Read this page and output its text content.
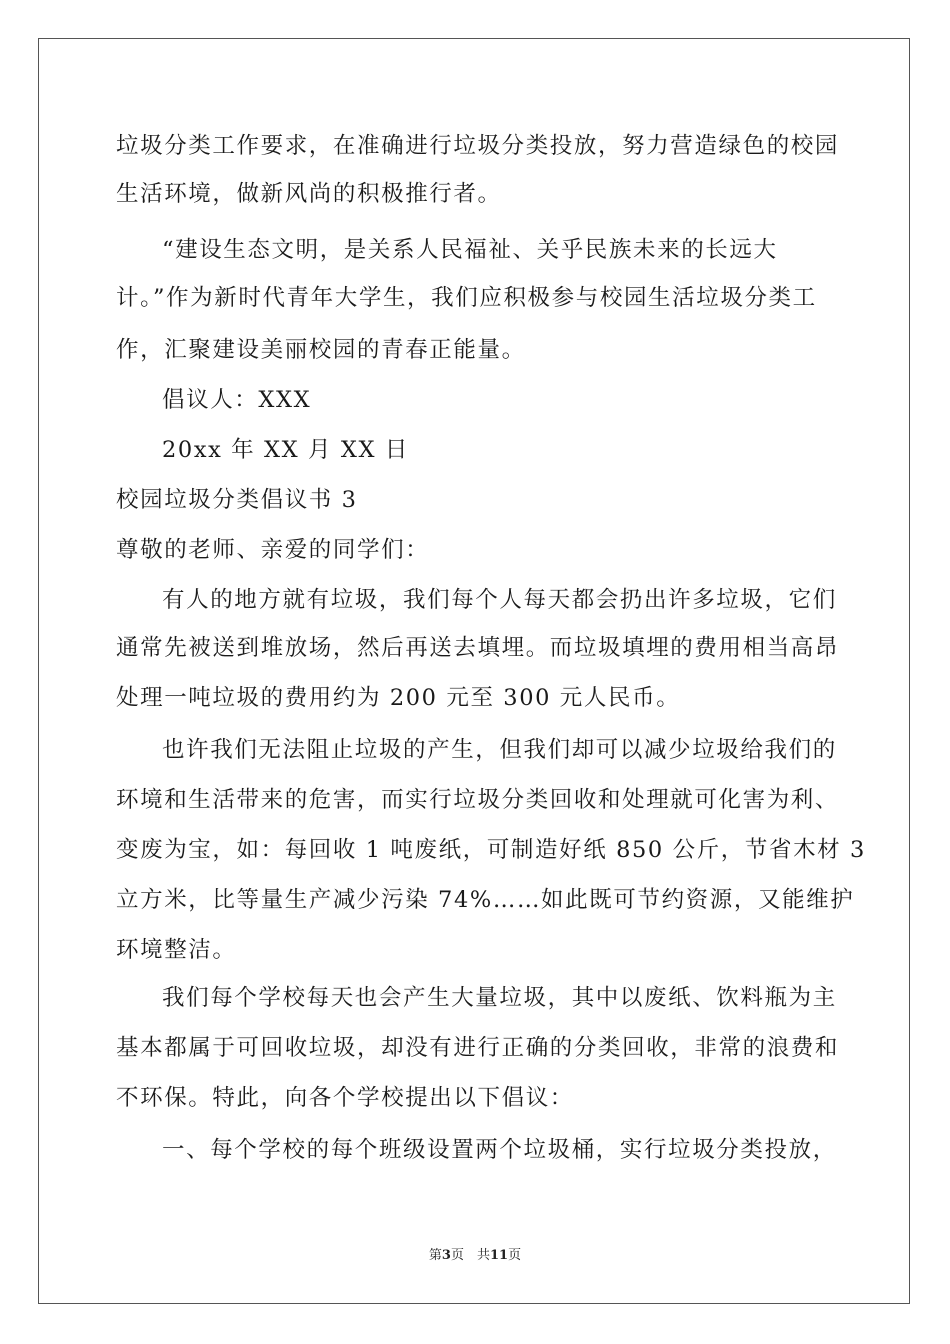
垃圾分类工作要求，在准确进行垃圾分类投放，努力营造绿色的校园
生活环境，做新风尚的积极推行者。
“建设生态文明，是关系人民福祉、关乎民族未来的长远大
计。”作为新时代青年大学生，我们应积极参与校园生活垃圾分类工
作，汇聚建设美丽校园的青春正能量。
倡议人：XXX
20xx 年 XX 月 XX 日
校园垃圾分类倡议书 3
尊敬的老师、亲爱的同学们：
有人的地方就有垃圾，我们每个人每天都会扔出许多垃圾，它们
通常先被送到堆放场，然后再送去填埋。而垃圾填埋的费用相当高昂
处理一吨垃圾的费用约为 200 元至 300 元人民币。
也许我们无法阻止垃圾的产生，但我们却可以减少垃圾给我们的
环境和生活带来的危害，而实行垃圾分类回收和处理就可化害为利、
变废为宝，如：每回收 1 吨废纸，可制造好纸 850 公斤，节省木材 3
立方米，比等量生产减少污染 74%……如此既可节约资源，又能维护
环境整洁。
我们每个学校每天也会产生大量垃圾，其中以废纸、饮料瓶为主
基本都属于可回收垃圾，却没有进行正确的分类回收，非常的浪费和
不环保。特此，向各个学校提出以下倡议：
一、每个学校的每个班级设置两个垃圾桶，实行垃圾分类投放，
第3页　共11页
